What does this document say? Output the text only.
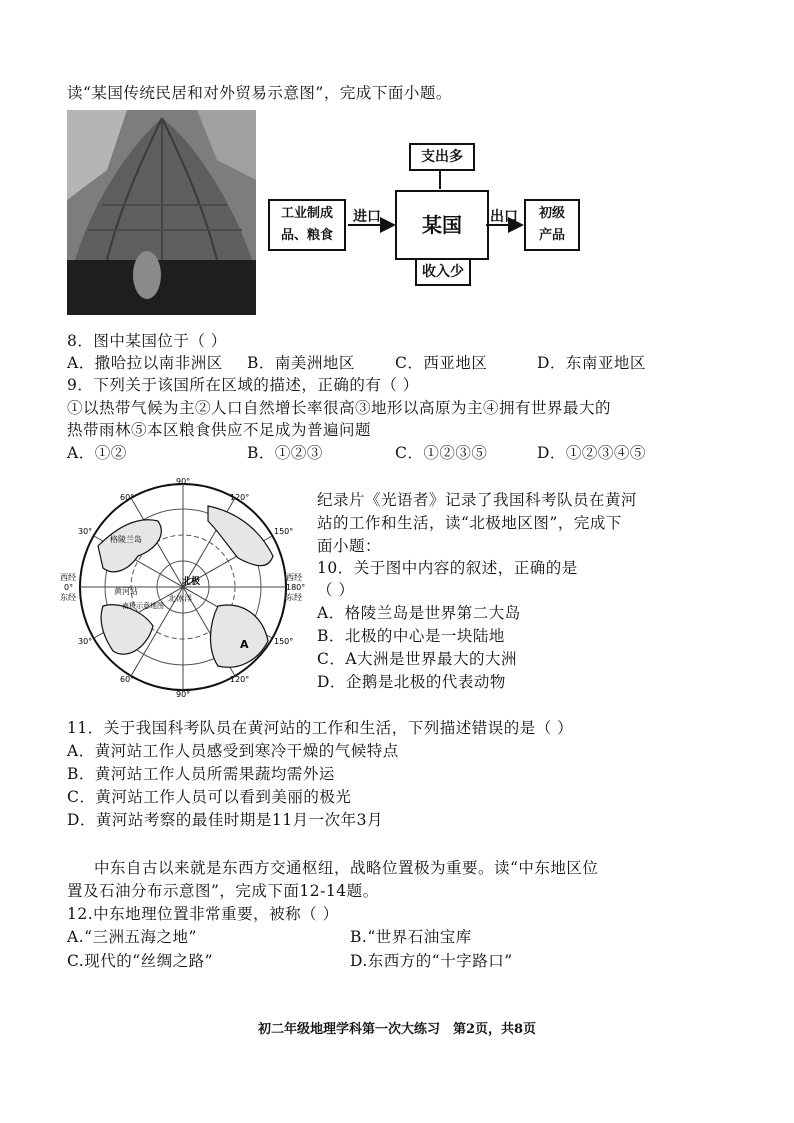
读“某国传统民居和对外贸易示意图”，完成下面小题。
支出多
某国
收入少
工业制成
品、粮食
初级
产品
进口	出口
8．图中某国位于（ ）
A．撒哈拉以南非洲区 B．南美洲地区	C．西亚地区	D．东南亚地区
9．下列关于该国所在区域的描述，正确的有（ ）
①以热带气候为主②人口自然增长率很高③地形以高原为主④拥有世界最大的
热带雨林⑤本区粮食供应不足成为普遍问题
A．①②	B．①②③	C．①②③⑤	D．①②③④⑤
90°
90°
60°	120°
30°	150°
西经
0°
东经
西经
180°
东经
30°	150°
60°	120°
格陵兰岛
黄河站
南极示意地图
北极
北冰洋
A
纪录片《光语者》记录了我国科考队员在黄河
站的工作和生活，读“北极地区图”，完成下
面小题：
10．关于图中内容的叙述，正确的是
（ ）
A．格陵兰岛是世界第二大岛
B．北极的中心是一块陆地
C．A大洲是世界最大的大洲
D．企鹅是北极的代表动物
11．关于我国科考队员在黄河站的工作和生活，下列描述错误的是（ ）
A．黄河站工作人员感受到寒冷干燥的气候特点
B．黄河站工作人员所需果蔬均需外运
C．黄河站工作人员可以看到美丽的极光
D．黄河站考察的最佳时期是11月一次年3月
中东自古以来就是东西方交通枢纽，战略位置极为重要。读“中东地区位
置及石油分布示意图”，完成下面12-14题。
12.中东地理位置非常重要，被称（ ）
A.“三洲五海之地”	B.“世界石油宝库
C.现代的“丝绸之路”	D.东西方的“十字路口”
初二年级地理学科第一次大练习　第2页，共8页
